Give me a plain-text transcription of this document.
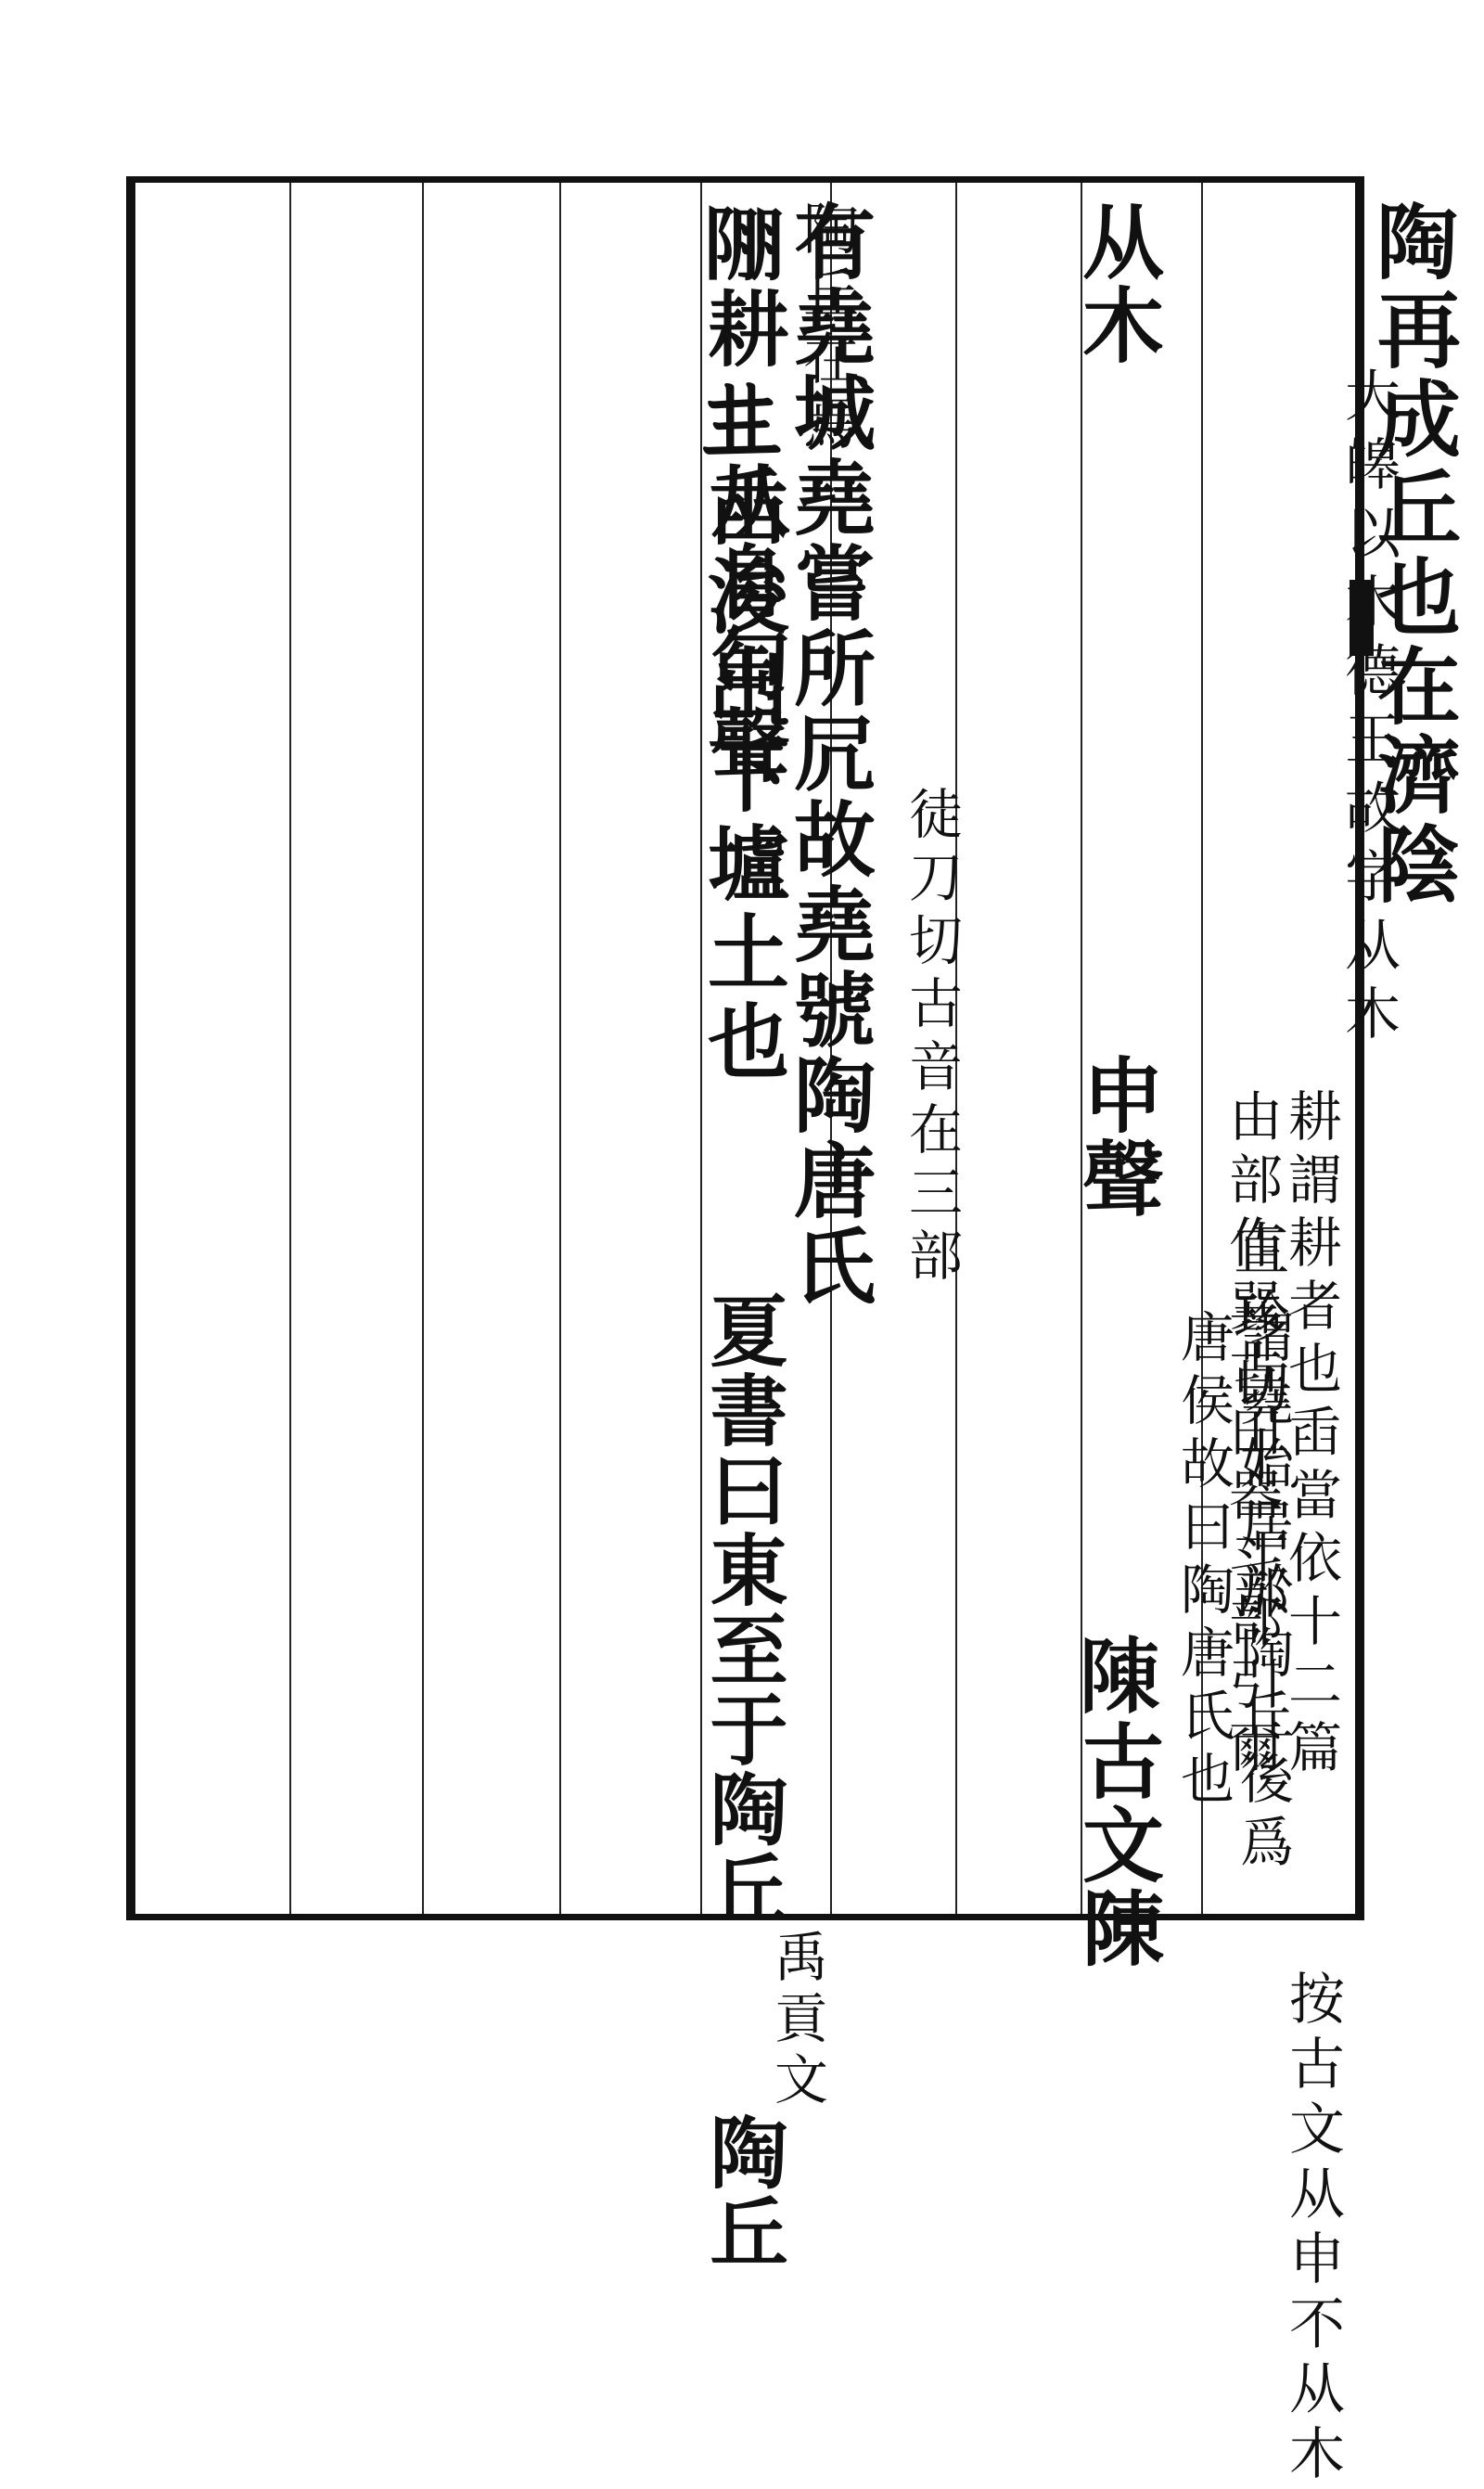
从木
大皞以木德王故字从木
申聲
直珍切十二部
𨻰
古文陳
按古文从申不从木
陶
再成丘也在濟陰
陶丘在焉
从𨸏匋聲
徒刀切古音在三部
夏書曰東至于陶丘
禹貢文
陶丘
有堯城堯嘗所凥故堯號陶唐氏
謂堯始居於陶丘後爲
唐侯故曰陶唐氏也
𨹹
耕𠀎臿浚出下壚土也
耕謂耕者也臿當依十二篇
由部作𢁉古田器斗部引爾
